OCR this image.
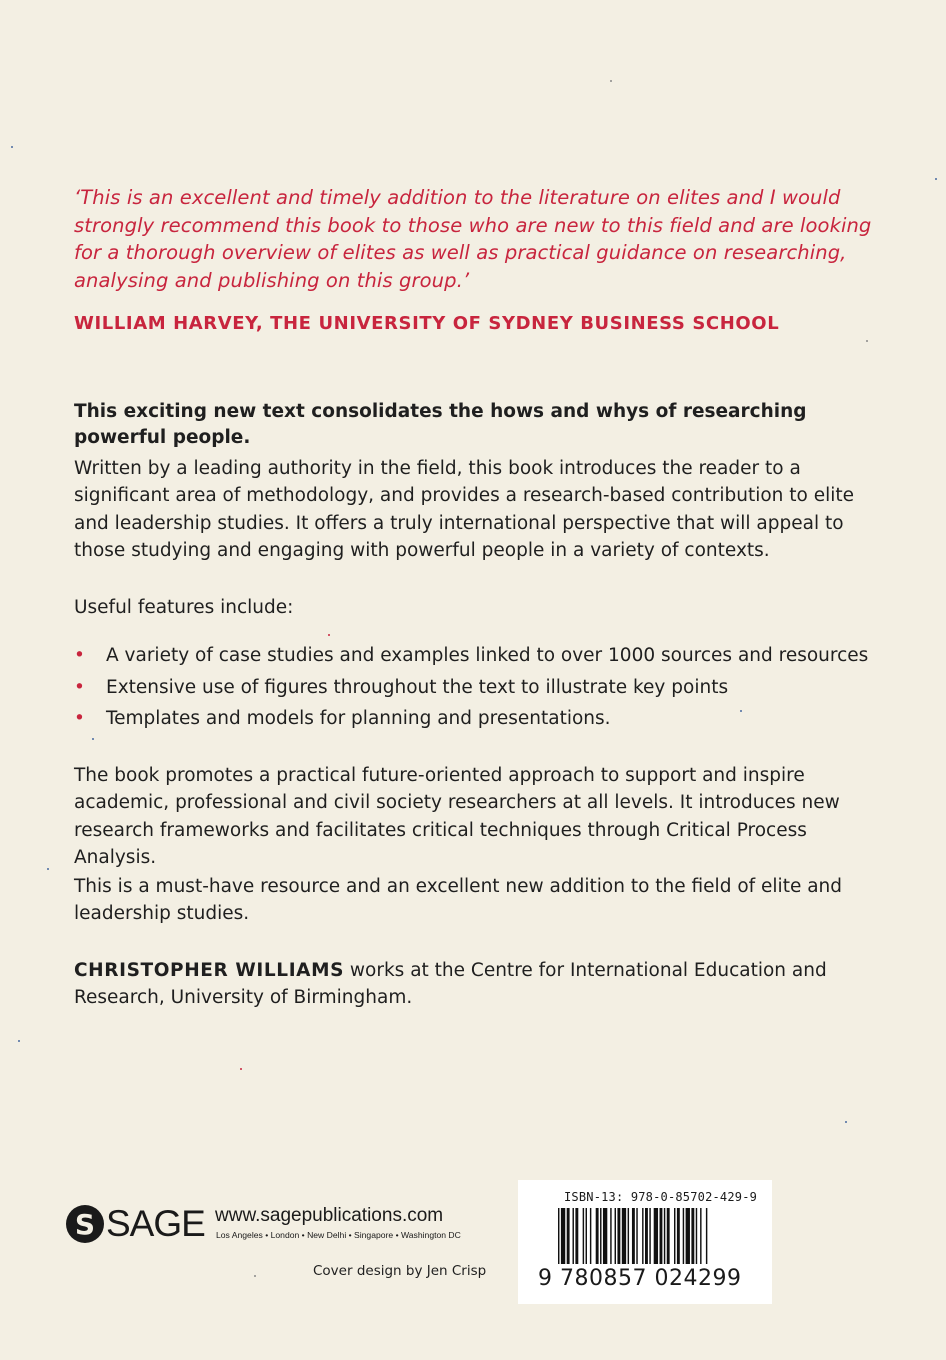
‘This is an excellent and timely addition to the literature on elites and I would strongly recommend this book to those who are new to this field and are looking for a thorough overview of elites as well as practical guidance on researching, analysing and publishing on this group.’

WILLIAM HARVEY, THE UNIVERSITY OF SYDNEY BUSINESS SCHOOL

This exciting new text consolidates the hows and whys of researching powerful people.

Written by a leading authority in the field, this book introduces the reader to a significant area of methodology, and provides a research-based contribution to elite and leadership studies. It offers a truly international perspective that will appeal to those studying and engaging with powerful people in a variety of contexts.

Useful features include:

• A variety of case studies and examples linked to over 1000 sources and resources
• Extensive use of figures throughout the text to illustrate key points
• Templates and models for planning and presentations.

The book promotes a practical future-oriented approach to support and inspire academic, professional and civil society researchers at all levels. It introduces new research frameworks and facilitates critical techniques through Critical Process Analysis.

This is a must-have resource and an excellent new addition to the field of elite and leadership studies.

CHRISTOPHER WILLIAMS works at the Centre for International Education and Research, University of Birmingham.

S SAGE www.sagepublications.com

Los Angeles • London • New Delhi • Singapore • Washington DC

Cover design by Jen Crisp

ISBN-13: 978-0-85702-429-9
9 780857 024299
